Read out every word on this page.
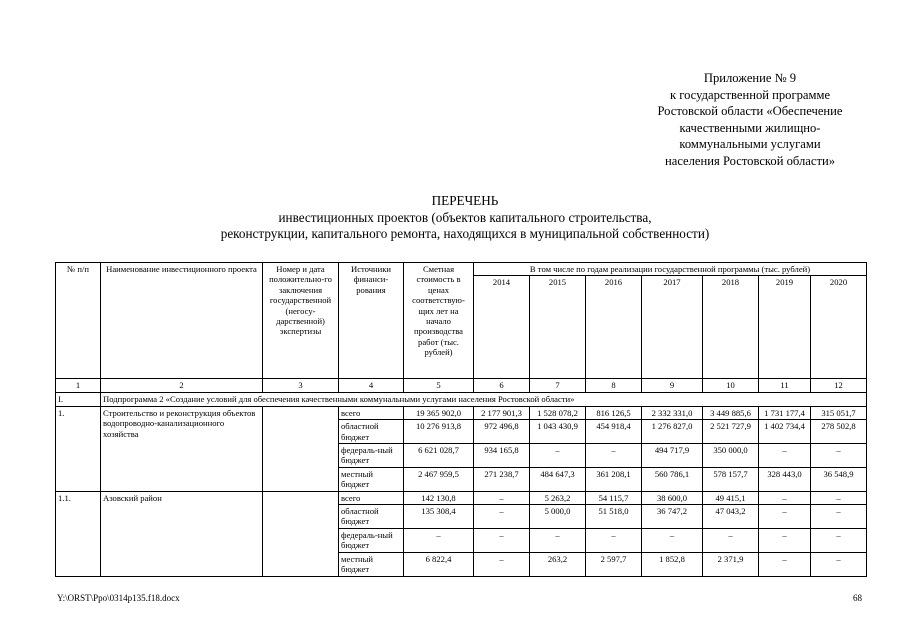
Приложение № 9
к государственной программе
Ростовской области «Обеспечение
качественными жилищно-
коммунальными услугами
населения Ростовской области»
ПЕРЕЧЕНЬ
инвестиционных проектов (объектов капитального строительства,
реконструкции, капитального ремонта, находящихся в муниципальной собственности)
№ п/п	Наименование инвестиционного проекта	Номер и дата положительно-го заключения государственной (негосу-дарственной) экспертизы	Источники финанси-рования	Сметная стоимость в ценах соответствую-щих лет на начало производства работ (тыс. рублей)	В том числе по годам реализации государственной программы (тыс. рублей)						
					2014	2015	2016	2017	2018	2019	2020
1	2	3	4	5	6	7	8	9	10	11	12
I.	Подпрограмма 2 «Создание условий для обеспечения качественными коммунальными услугами населения Ростовской области»										
1.	Строительство и реконструкция объектов водопроводно-канализационного хозяйства		всего	19 365 902,0	2 177 901,3	1 528 078,2	816 126,5	2 332 331,0	3 449 885,6	1 731 177,4	315 051,7
			областной бюджет	10 276 913,8	972 496,8	1 043 430,9	454 918,4	1 276 827,0	2 521 727,9	1 402 734,4	278 502,8
			федераль-ный бюджет	6 621 028,7	934 165,8	–	–	494 717,9	350 000,0	–	–
			местный бюджет	2 467 959,5	271 238,7	484 647,3	361 208,1	560 786,1	578 157,7	328 443,0	36 548,9
1.1.	Азовский район		всего	142 130,8	–	5 263,2	54 115,7	38 600,0	49 415,1	–	–
			областной бюджет	135 308,4	–	5 000,0	51 518,0	36 747,2	47 043,2	–	–
			федераль-ный бюджет	–	–	–	–	–	–	–	–
			местный бюджет	6 822,4	–	263,2	2 597,7	1 852,8	2 371,9	–	–
Y:\ORST\Ppo\0314p135.f18.docx	68
